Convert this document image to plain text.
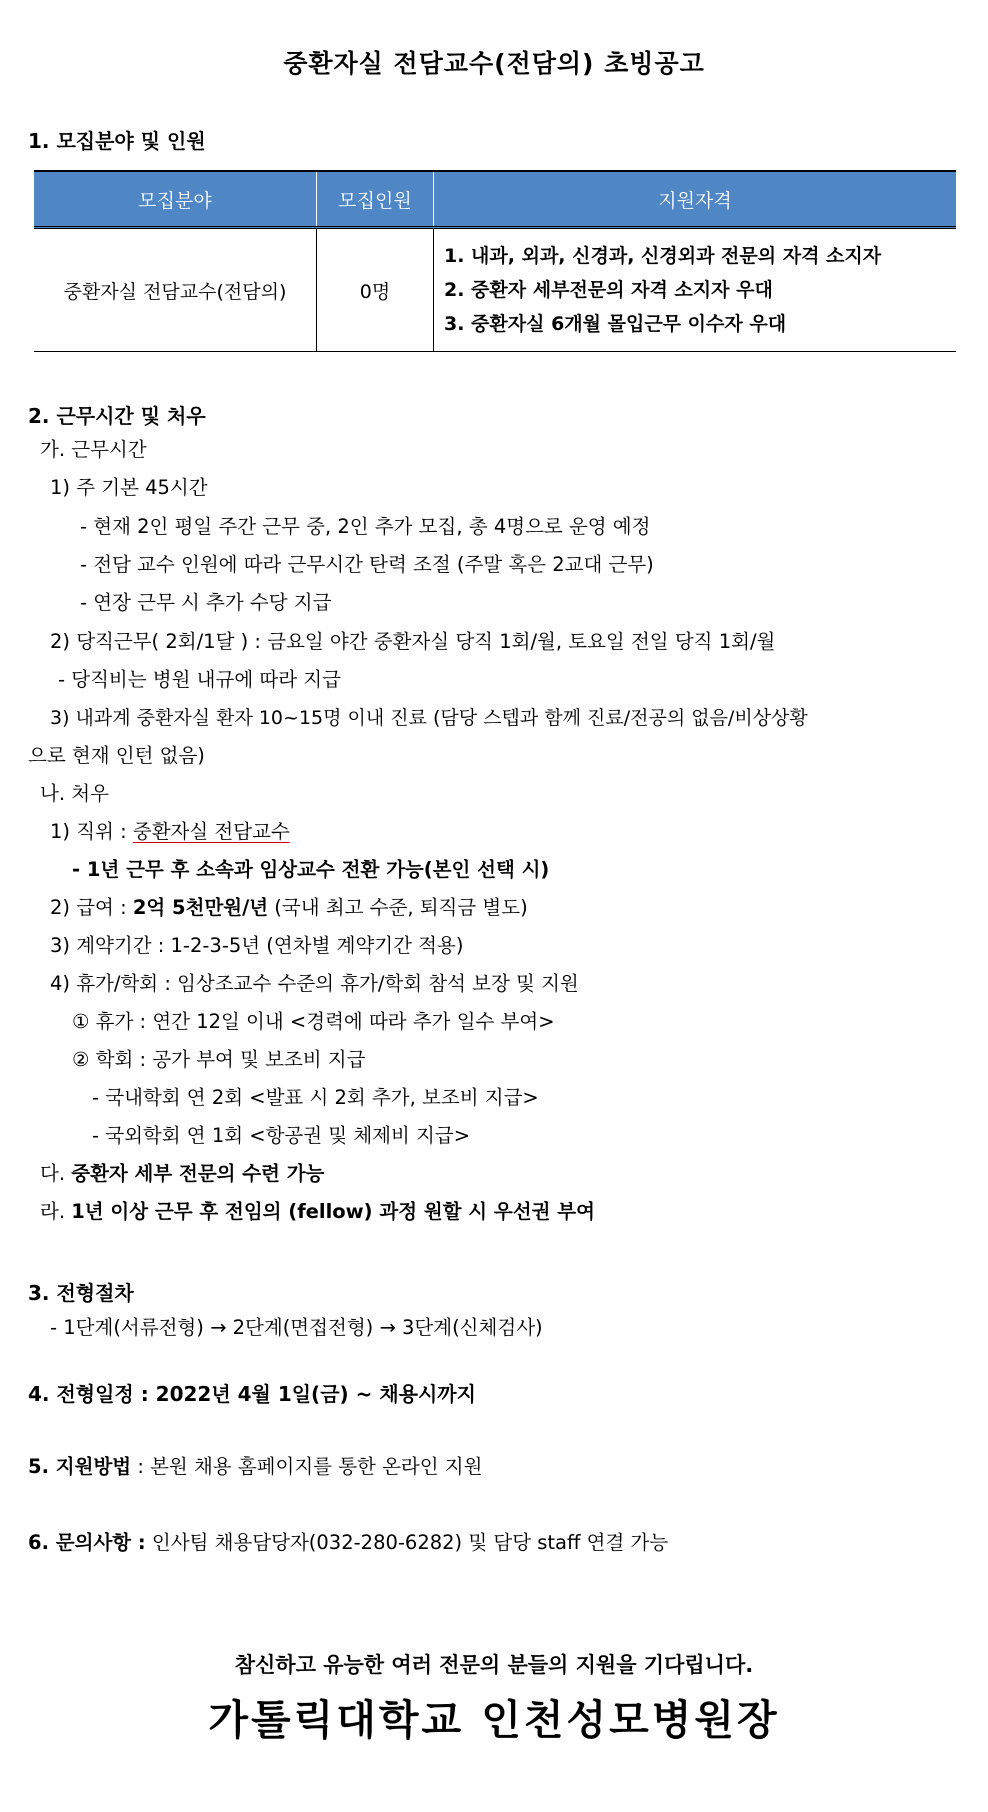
중환자실 전담교수(전담의) 초빙공고
1. 모집분야 및 인원
모집분야	모집인원	지원자격
중환자실 전담교수(전담의)	0명	1. 내과, 외과, 신경과, 신경외과 전문의 자격 소지자
2. 중환자 세부전문의 자격 소지자 우대
3. 중환자실 6개월 몰입근무 이수자 우대
2. 근무시간 및 처우
가. 근무시간
1) 주 기본 45시간
- 현재 2인 평일 주간 근무 중, 2인 추가 모집, 총 4명으로 운영 예정
- 전담 교수 인원에 따라 근무시간 탄력 조절 (주말 혹은 2교대 근무)
- 연장 근무 시 추가 수당 지급
2) 당직근무( 2회/1달 ) : 금요일 야간 중환자실 당직 1회/월, 토요일 전일 당직 1회/월
- 당직비는 병원 내규에 따라 지급
3) 내과계 중환자실 환자 10~15명 이내 진료 (담당 스텝과 함께 진료/전공의 없음/비상상황
으로 현재 인턴 없음)
나. 처우
1) 직위 : 중환자실 전담교수
- 1년 근무 후 소속과 임상교수 전환 가능(본인 선택 시)
2) 급여 : 2억 5천만원/년 (국내 최고 수준, 퇴직금 별도)
3) 계약기간 : 1-2-3-5년 (연차별 계약기간 적용)
4) 휴가/학회 : 임상조교수 수준의 휴가/학회 참석 보장 및 지원
① 휴가 : 연간 12일 이내 <경력에 따라 추가 일수 부여>
② 학회 : 공가 부여 및 보조비 지급
- 국내학회 연 2회 <발표 시 2회 추가, 보조비 지급>
- 국외학회 연 1회 <항공권 및 체제비 지급>
다. 중환자 세부 전문의 수련 가능
라. 1년 이상 근무 후 전임의 (fellow) 과정 원할 시 우선권 부여
3. 전형절차
- 1단계(서류전형) → 2단계(면접전형) → 3단계(신체검사)
4. 전형일정 : 2022년 4월 1일(금) ~ 채용시까지
5. 지원방법 : 본원 채용 홈페이지를 통한 온라인 지원
6. 문의사항 : 인사팀 채용담당자(032-280-6282) 및 담당 staff 연결 가능
참신하고 유능한 여러 전문의 분들의 지원을 기다립니다.
가톨릭대학교 인천성모병원장
